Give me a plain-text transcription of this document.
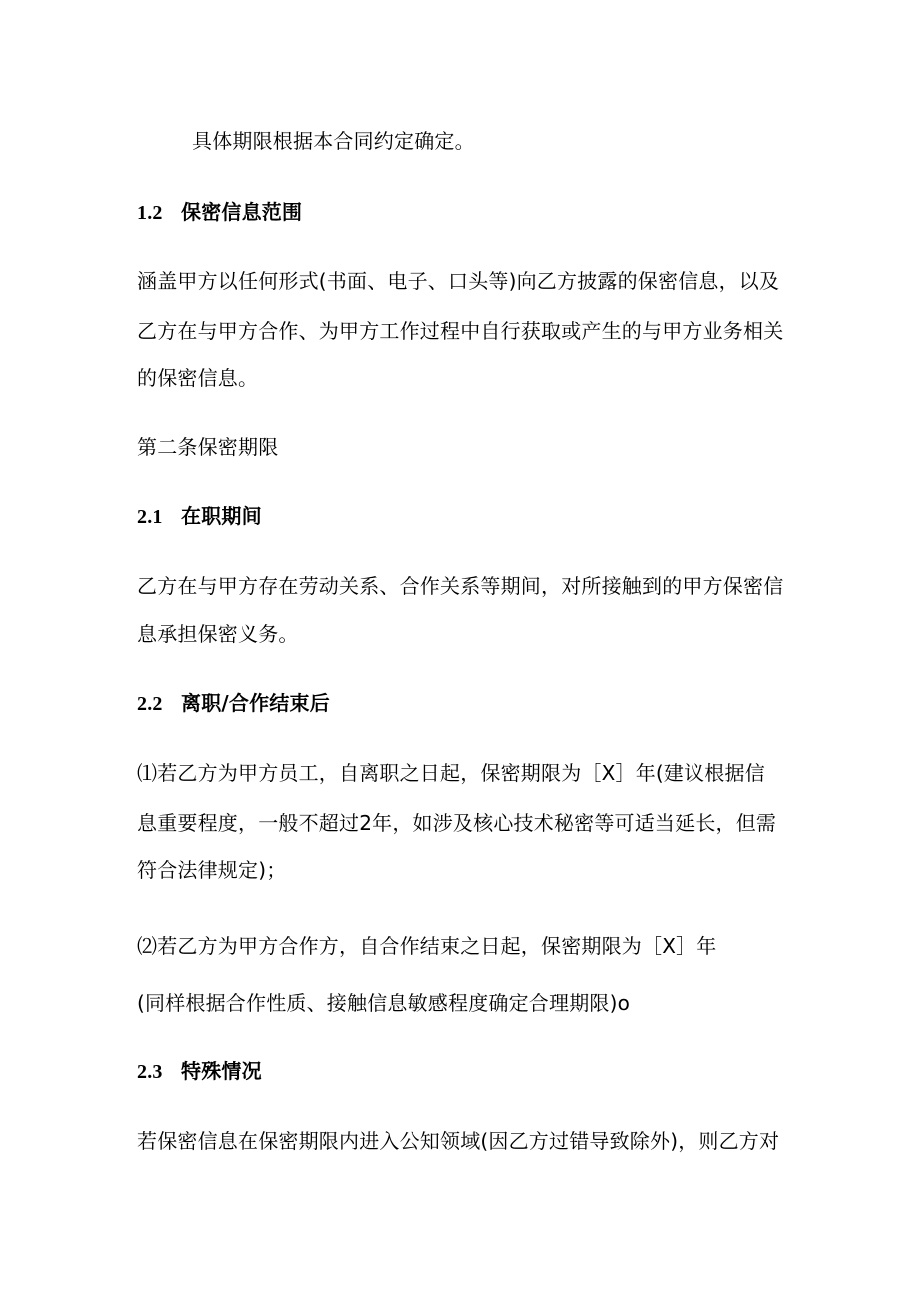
具体期限根据本合同约定确定。
1.2 保密信息范围
涵盖甲方以任何形式(书面、电子、口头等)向乙方披露的保密信息，以及
乙方在与甲方合作、为甲方工作过程中自行获取或产生的与甲方业务相关
的保密信息。
第二条保密期限
2.1 在职期间
乙方在与甲方存在劳动关系、合作关系等期间，对所接触到的甲方保密信
息承担保密义务。
2.2 离职/合作结束后
⑴若乙方为甲方员工，自离职之日起，保密期限为［X］年(建议根据信
息重要程度，一般不超过2年，如涉及核心技术秘密等可适当延长，但需
符合法律规定)；
⑵若乙方为甲方合作方，自合作结束之日起，保密期限为［X］年
(同样根据合作性质、接触信息敏感程度确定合理期限)o
2.3 特殊情况
若保密信息在保密期限内进入公知领域(因乙方过错导致除外)，则乙方对
